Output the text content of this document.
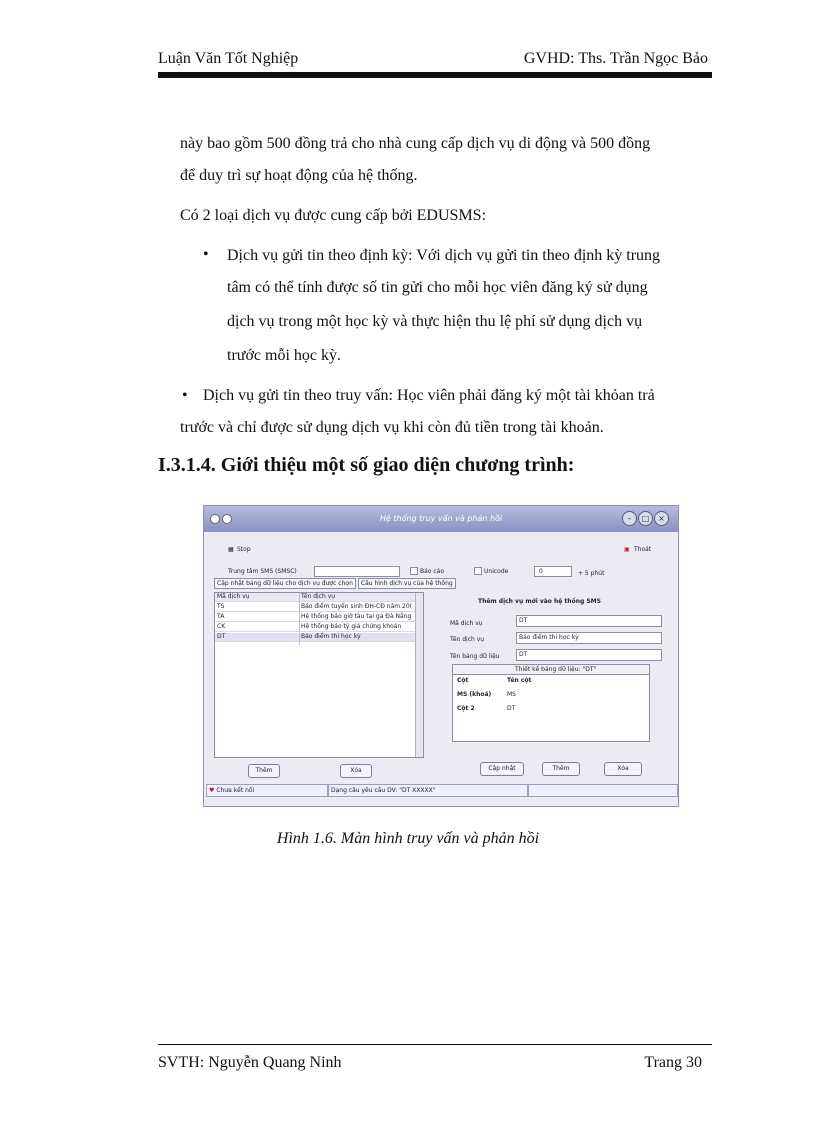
Luận Văn Tốt Nghiệp	GVHD: Ths. Trần Ngọc Bảo
này bao gồm 500 đồng trả cho nhà cung cấp dịch vụ di động và 500 đồng
để duy trì sự hoạt động của hệ thống.
Có 2 loại dịch vụ được cung cấp bởi EDUSMS:
• Dịch vụ gửi tin theo định kỳ: Với dịch vụ gửi tin theo định kỳ trung
tâm có thể tính được số tin gửi cho mỗi học viên đăng ký sử dụng
dịch vụ trong một học kỳ và thực hiện thu lệ phí sử dụng dịch vụ
trước mỗi học kỳ.
• Dịch vụ gửi tin theo truy vấn: Học viên phải đăng ký một tài khỏan trả
trước và chỉ được sử dụng dịch vụ khi còn đủ tiền trong tài khoản.
I.3.1.4. Giới thiệu một số giao diện chương trình:
Hệ thống truy vấn và phản hồi	–	□	×
▦ Stop	▣ Thoát
Trung tâm SMS (SMSC)	Báo cáo	Unicode	0	+ 5 phút
Cập nhật bảng dữ liệu cho dịch vụ được chọn Cấu hình dịch vụ của hệ thống
Mã dịch vụ	Tên dịch vụ
TS	Báo điểm tuyển sinh ĐH-CĐ năm 20(
TA	Hệ thống báo giờ tàu tại ga Đà Nẵng
CK	Hệ thống báo tỷ giá chứng khoán
DT	Báo điểm thi học kỳ
Thêm dịch vụ mới vào hệ thống SMS
Mã dịch vụ	DT
Tên dịch vụ	Báo điểm thi học kỳ
Tên bảng dữ liệu	DT
Thiết kế bảng dữ liệu: "DT"
Cột	Tên cột
MS (khoá)	MS
Cột 2	DT
Thêm	Xóa	Cập nhật	Thêm	Xóa
♥ Chưa kết nối	Dạng câu yêu cầu DV: "DT XXXXX"
Hình 1.6. Màn hình truy vấn và phản hồi
SVTH: Nguyễn Quang Ninh	Trang 30
